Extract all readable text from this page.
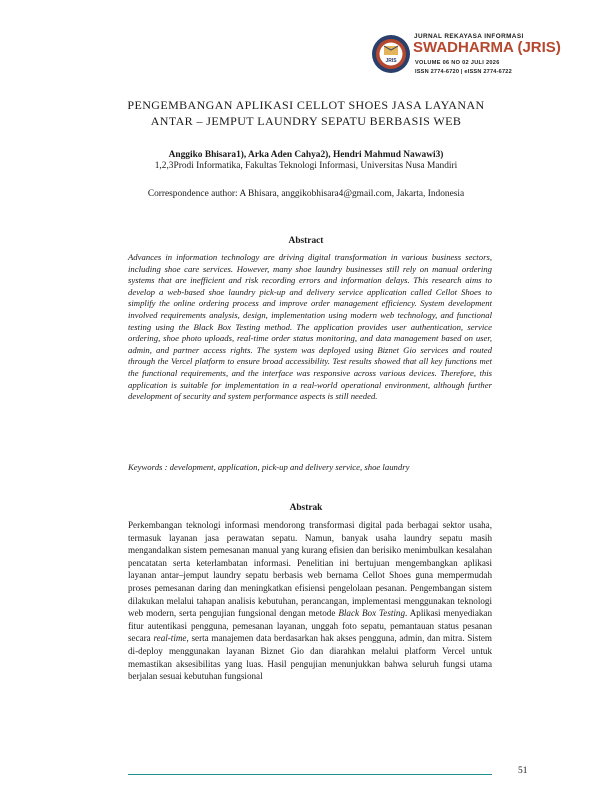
JRIS
JURNAL REKAYASA INFORMASI
SWADHARMA (JRIS)
VOLUME 06 NO 02 JULI 2026
ISSN 2774-6720 | eISSN 2774-6722
PENGEMBANGAN APLIKASI CELLOT SHOES JASA LAYANAN
ANTAR – JEMPUT LAUNDRY SEPATU BERBASIS WEB
Anggiko Bhisara1), Arka Aden Cahya2), Hendri Mahmud Nawawi3)
1,2,3Prodi Informatika, Fakultas Teknologi Informasi, Universitas Nusa Mandiri
Correspondence author: A Bhisara, anggikobhisara4@gmail.com, Jakarta, Indonesia
Abstract
Advances in information technology are driving digital transformation in various business sectors, including shoe care services. However, many shoe laundry businesses still rely on manual ordering systems that are inefficient and risk recording errors and information delays. This research aims to develop a web-based shoe laundry pick-up and delivery service application called Cellot Shoes to simplify the online ordering process and improve order management efficiency. System development involved requirements analysis, design, implementation using modern web technology, and functional testing using the Black Box Testing method. The application provides user authentication, service ordering, shoe photo uploads, real-time order status monitoring, and data management based on user, admin, and partner access rights. The system was deployed using Biznet Gio services and routed through the Vercel platform to ensure broad accessibility. Test results showed that all key functions met the functional requirements, and the interface was responsive across various devices. Therefore, this application is suitable for implementation in a real-world operational environment, although further development of security and system performance aspects is still needed.
Keywords : development, application, pick-up and delivery service, shoe laundry
Abstrak
Perkembangan teknologi informasi mendorong transformasi digital pada berbagai sektor usaha, termasuk layanan jasa perawatan sepatu. Namun, banyak usaha laundry sepatu masih mengandalkan sistem pemesanan manual yang kurang efisien dan berisiko menimbulkan kesalahan pencatatan serta keterlambatan informasi. Penelitian ini bertujuan mengembangkan aplikasi layanan antar–jemput laundry sepatu berbasis web bernama Cellot Shoes guna mempermudah proses pemesanan daring dan meningkatkan efisiensi pengelolaan pesanan. Pengembangan sistem dilakukan melalui tahapan analisis kebutuhan, perancangan, implementasi menggunakan teknologi web modern, serta pengujian fungsional dengan metode Black Box Testing. Aplikasi menyediakan fitur autentikasi pengguna, pemesanan layanan, unggah foto sepatu, pemantauan status pesanan secara real-time, serta manajemen data berdasarkan hak akses pengguna, admin, dan mitra. Sistem di-deploy menggunakan layanan Biznet Gio dan diarahkan melalui platform Vercel untuk memastikan aksesibilitas yang luas. Hasil pengujian menunjukkan bahwa seluruh fungsi utama berjalan sesuai kebutuhan fungsional
51
